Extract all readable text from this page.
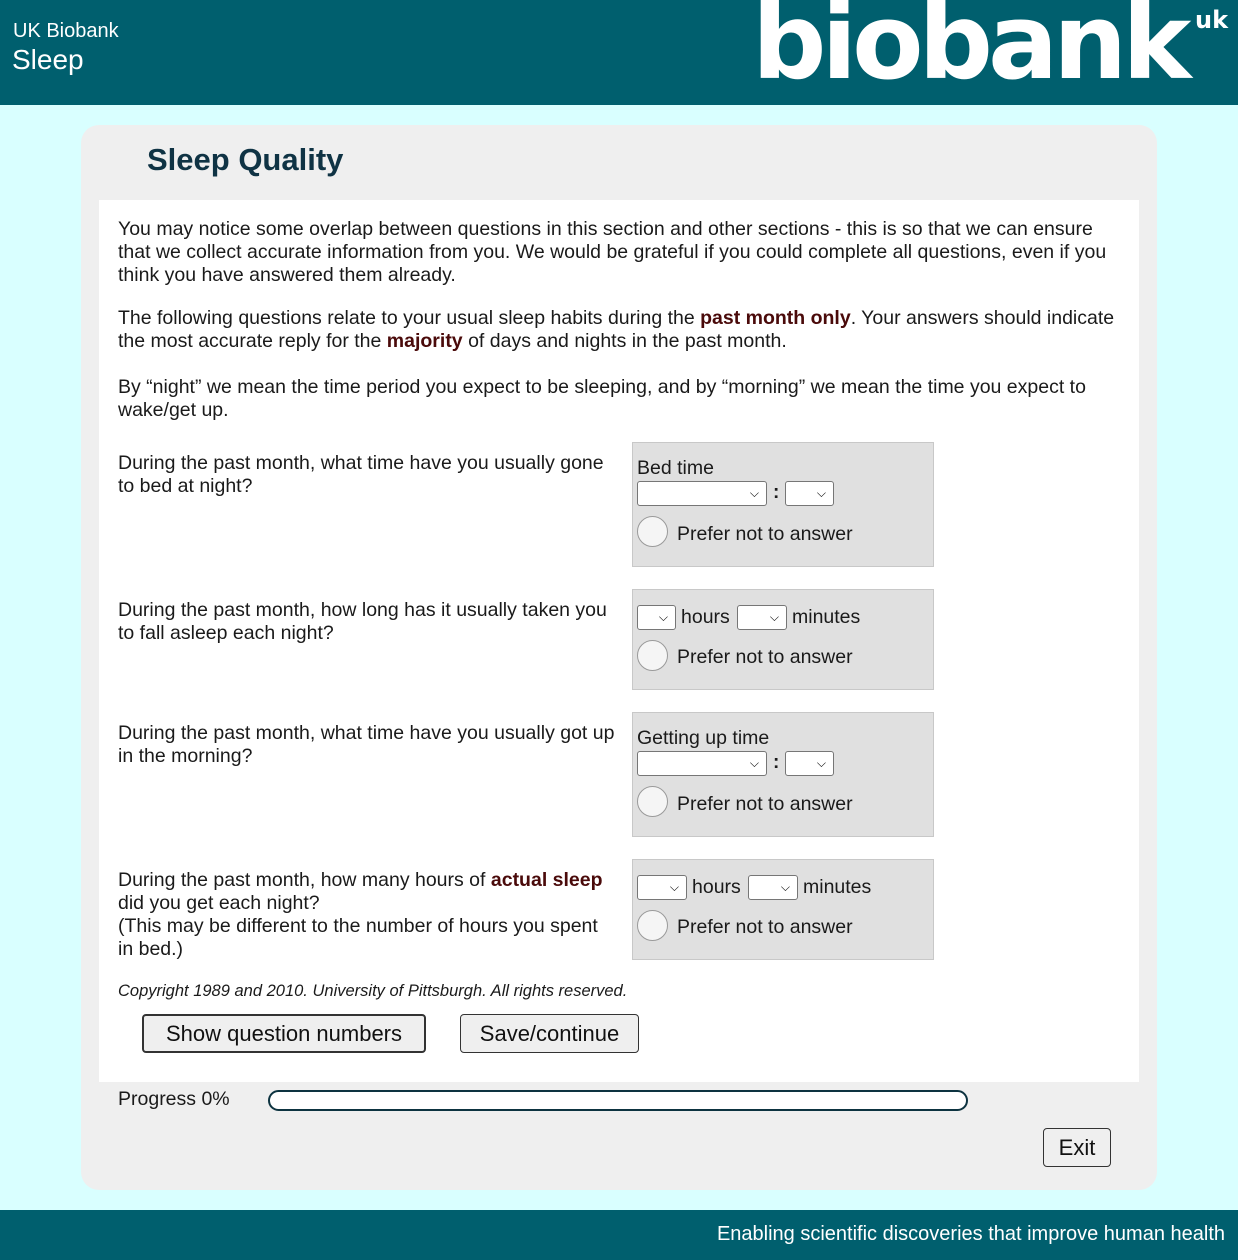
UK Biobank
Sleep	biobank uk
Sleep Quality

You may notice some overlap between questions in this section and other sections - this is so that we can ensure that we collect accurate information from you. We would be grateful if you could complete all questions, even if you think you have answered them already.

The following questions relate to your usual sleep habits during the past month only. Your answers should indicate the most accurate reply for the majority of days and nights in the past month.

By “night” we mean the time period you expect to be sleeping, and by “morning” we mean the time you expect to wake/get up.

During the past month, what time have you usually gone to bed at night?

Bed time
⌵ :	⌵
Prefer not to answer

During the past month, how long has it usually taken you to fall asleep each night?

⌵ hours	⌵ minutes
Prefer not to answer

During the past month, what time have you usually got up in the morning?

Getting up time
⌵ :	⌵
Prefer not to answer

During the past month, how many hours of actual sleep did you get each night?
(This may be different to the number of hours you spent in bed.)

⌵ hours	⌵ minutes
Prefer not to answer

Copyright 1989 and 2010. University of Pittsburgh. All rights reserved.

Show question numbers	Save/continue
Progress 0%
Exit
Enabling scientific discoveries that improve human health
